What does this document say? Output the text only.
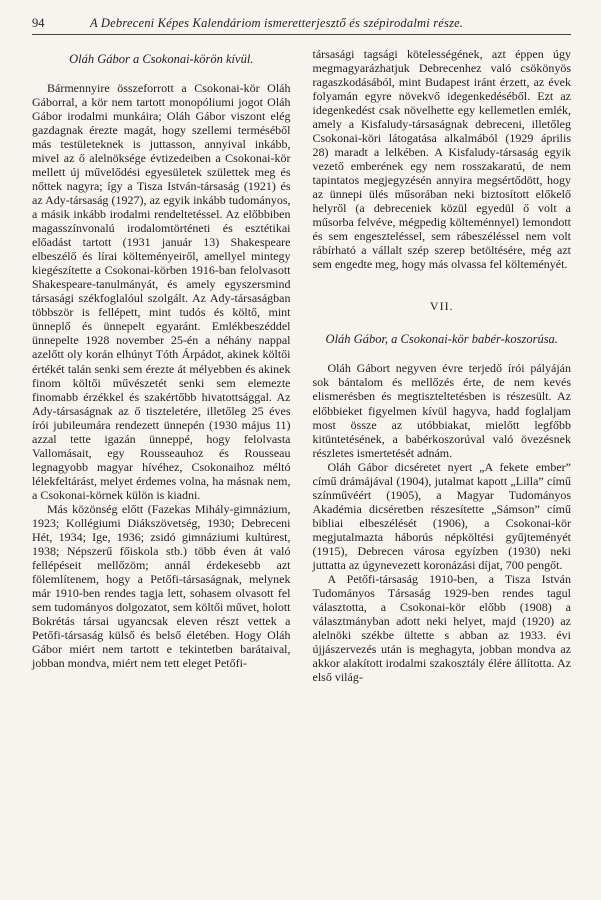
94	A Debreceni Képes Kalendáriom ismeretterjesztő és szépirodalmi része.
Oláh Gábor a Csokonai-körön kívül.

Bármennyire összeforrott a Csokonai-kör Oláh Gáborral, a kör nem tartott monopóliumi jogot Oláh Gábor irodalmi munkáira; Oláh Gábor viszont elég gazdagnak érezte magát, hogy szellemi terméséből más testületeknek is juttasson, annyival inkább, mivel az ő alelnöksége évtizedeiben a Csokonai-kör mellett új művelődési egyesületek születtek meg és nőttek nagyra; így a Tisza István-társaság (1921) és az Ady-társaság (1927), az egyik inkább tudományos, a másik inkább irodalmi rendeltetéssel. Az előbbiben magasszínvonalú irodalomtörténeti és esztétikai előadást tartott (1931 január 13) Shakespeare elbeszélő és lírai költeményeiről, amellyel mintegy kiegészítette a Csokonai-körben 1916-ban felolvasott Shakespeare-tanulmányát, és amely egyszersmind társasági székfoglalóul szolgált. Az Ady-társaságban többször is fellépett, mint tudós és költő, mint ünneplő és ünnepelt egyaránt. Emlékbeszéddel ünnepelte 1928 november 25-én a néhány nappal azelőtt oly korán elhúnyt Tóth Árpádot, akinek költői értékét talán senki sem érezte át mélyebben és akinek finom költői művészetét senki sem elemezte finomabb érzékkel és szakértőbb hivatottsággal. Az Ady-társaságnak az ő tiszteletére, illetőleg 25 éves írói jubileumára rendezett ünnepén (1930 május 11) azzal tette igazán ünneppé, hogy felolvasta Vallomásait, egy Rousseauhoz és Rousseau legnagyobb magyar hívéhez, Csokonaihoz méltó lélekfeltárást, melyet érdemes volna, ha másnak nem, a Csokonai-körnek külön is kiadni.

Más közönség előtt (Fazekas Mihály-gimnázium, 1923; Kollégiumi Diákszövetség, 1930; Debreceni Hét, 1934; Ige, 1936; zsidó gimnáziumi kultúrest, 1938; Népszerű főiskola stb.) több éven át való fellépéseit mellőzöm; annál érdekesebb azt fölemlítenem, hogy a Petőfi-társaságnak, melynek már 1910-ben rendes tagja lett, sohasem olvasott fel sem tudományos dolgozatot, sem költői művet, holott Bokrétás társai ugyancsak eleven részt vettek a Petőfi-társaság külső és belső életében. Hogy Oláh Gábor miért nem tartott e tekintetben barátaival, jobban mondva, miért nem tett eleget Petőfi-

társasági tagsági kötelességének, azt éppen úgy megmagyarázhatjuk Debrecenhez való csökönyös ragaszkodásából, mint Budapest iránt érzett, az évek folyamán egyre növekvő idegenkedéséből. Ezt az idegenkedést csak növelhette egy kellemetlen emlék, amely a Kisfaludy-társaságnak debreceni, illetőleg Csokonai-köri látogatása alkalmából (1929 április 28) maradt a lelkében. A Kisfaludy-társaság egyik vezető emberének egy nem rosszakaratú, de nem tapintatos megjegyzésén annyira megsértődött, hogy az ünnepi ülés műsorában neki biztosított előkelő helyről (a debreceniek közül egyedül ő volt a műsorba felvéve, mégpedig költeménnyel) lemondott és sem engeszteléssel, sem rábeszéléssel nem volt rábírható a vállalt szép szerep betöltésére, még azt sem engedte meg, hogy más olvassa fel költeményét.

VII.
Oláh Gábor, a Csokonai-kör babér-koszorúsa.

Oláh Gábort negyven évre terjedő írói pályáján sok bántalom és mellőzés érte, de nem kevés elismerésben és megtiszteltetésben is részesült. Az előbbieket figyelmen kívül hagyva, hadd foglaljam most össze az utóbbiakat, mielőtt legfőbb kitüntetésének, a babérkoszorúval való övezésnek részletes ismertetését adnám.

Oláh Gábor dicséretet nyert „A fekete ember” című drámájával (1904), jutalmat kapott „Lilla” című színművéért (1905), a Magyar Tudományos Akadémia dicséretben részesítette „Sámson” című bibliai elbeszélését (1906), a Csokonai-kör megjutalmazta háborús népköltési gyűjteményét (1915), Debrecen városa egyízben (1930) neki juttatta az úgynevezett koronázási díjat, 700 pengőt.

A Petőfi-társaság 1910-ben, a Tisza István Tudományos Társaság 1929-ben rendes tagul választotta, a Csokonai-kör előbb (1908) a választmányban adott neki helyet, majd (1920) az alelnöki székbe ültette s abban az 1933. évi újjászervezés után is meghagyta, jobban mondva az akkor alakított irodalmi szakosztály élére állította. Az első világ-
